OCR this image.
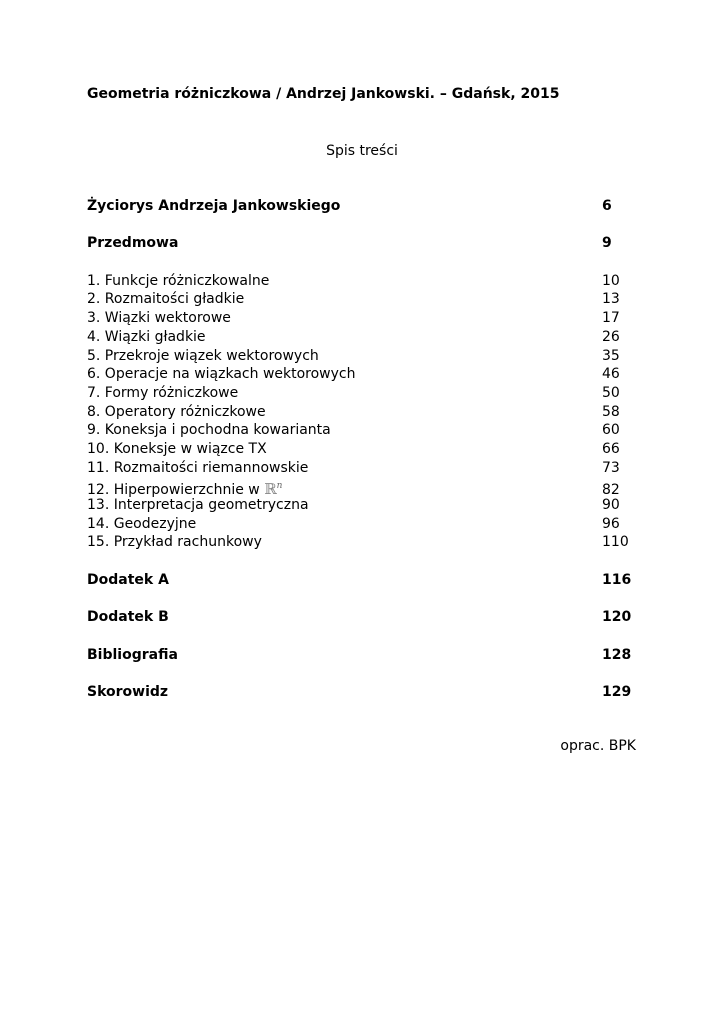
Geometria różniczkowa / Andrzej Jankowski. – Gdańsk, 2015
Spis treści
Życiorys Andrzeja Jankowskiego	6
Przedmowa	9
1. Funkcje różniczkowalne	10
2. Rozmaitości gładkie	13
3. Wiązki wektorowe	17
4. Wiązki gładkie	26
5. Przekroje wiązek wektorowych	35
6. Operacje na wiązkach wektorowych	46
7. Formy różniczkowe	50
8. Operatory różniczkowe	58
9. Koneksja i pochodna kowarianta	60
10. Koneksje w wiązce TX	66
11. Rozmaitości riemannowskie	73
12. Hiperpowierzchnie w ℝ$^n$	82
13. Interpretacja geometryczna	90
14. Geodezyjne	96
15. Przykład rachunkowy	110
Dodatek A	116
Dodatek B	120
Bibliografia	128
Skorowidz	129
oprac. BPK
